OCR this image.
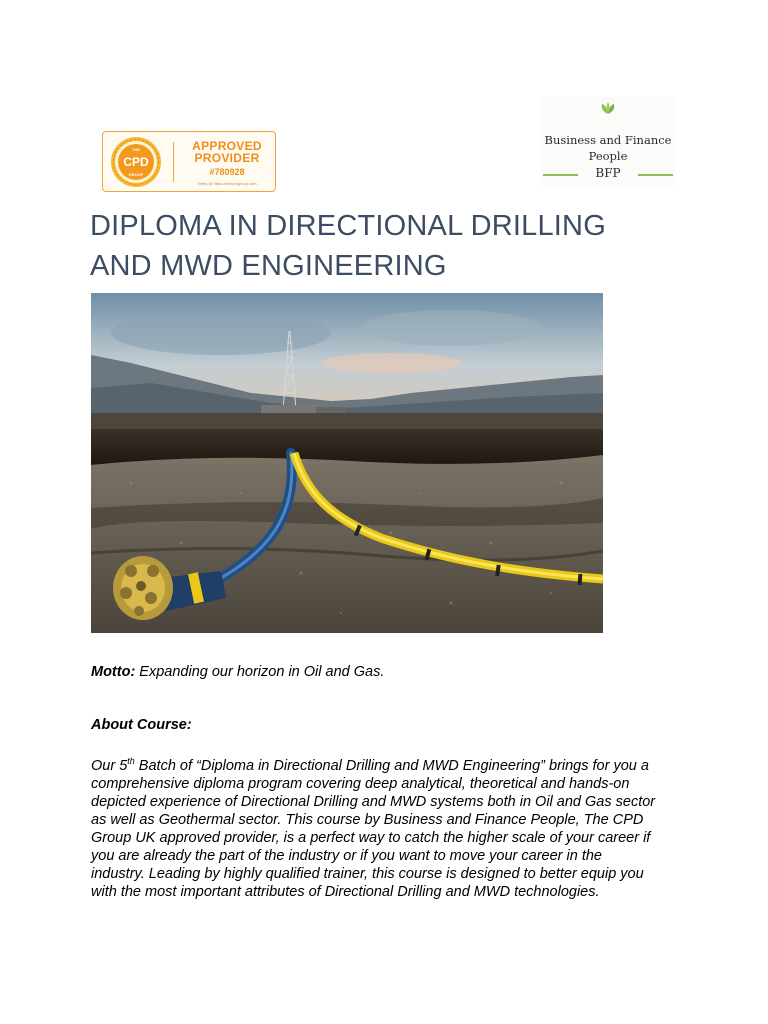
THE
CPD
GROUP
APPROVED
PROVIDER
#780928
Verify @ https://thecpdgroup.com
Business and Finance
People
BFP
DIPLOMA IN DIRECTIONAL DRILLING
AND MWD ENGINEERING
Motto: Expanding our horizon in Oil and Gas.
About Course:

Our 5th Batch of “Diploma in Directional Drilling and MWD Engineering” brings for you a
comprehensive diploma program covering deep analytical, theoretical and hands-on
depicted experience of Directional Drilling and MWD systems both in Oil and Gas sector
as well as Geothermal sector. This course by Business and Finance People, The CPD
Group UK approved provider, is a perfect way to catch the higher scale of your career if
you are already the part of the industry or if you want to move your career in the
industry. Leading by highly qualified trainer, this course is designed to better equip you
with the most important attributes of Directional Drilling and MWD technologies.
